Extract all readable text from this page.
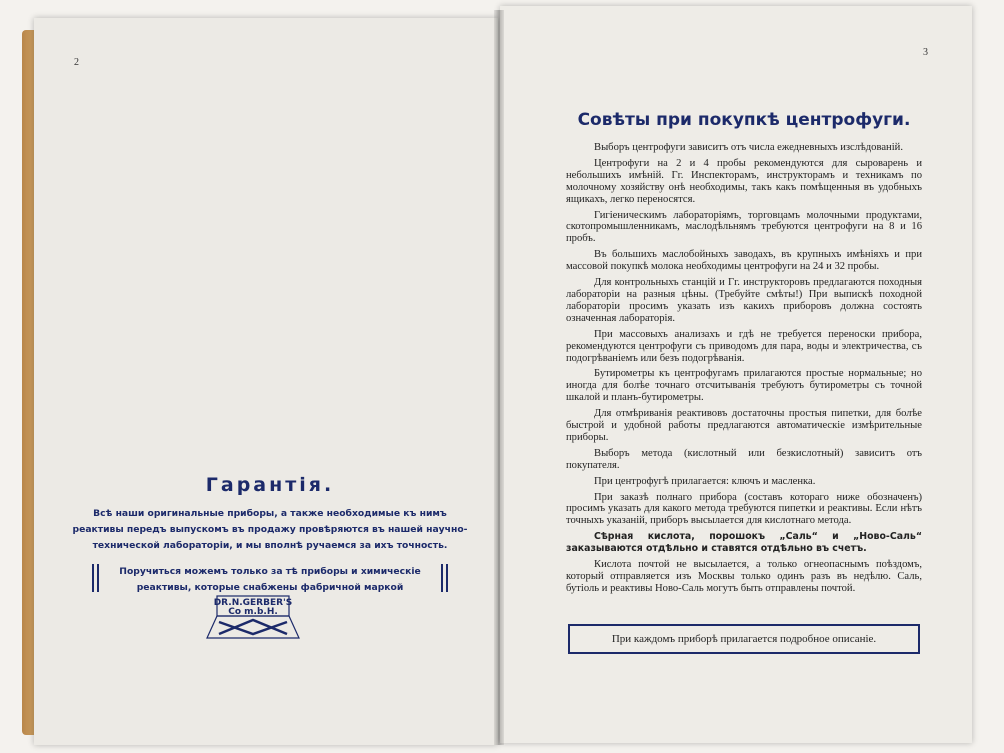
2
3
Гарантія.

Всѣ наши оригинальные приборы, а также необходимые къ нимъ реактивы передъ выпускомъ въ продажу провѣряются въ нашей научно-технической лабораторіи, и мы вполнѣ ручаемся за ихъ точность.

Поручиться можемъ только за тѣ приборы и химическіе реактивы, которые снабжены фабричной маркой

DR.N.GERBER'S
Co m.b.H.
Совѣты при покупкѣ центрофуги.

Выборъ центрофуги зависитъ отъ числа ежедневныхъ изслѣдованій.

Центрофуги на 2 и 4 пробы рекомендуются для сыроварень и небольшихъ имѣній. Гг. Инспекторамъ, инструкторамъ и техникамъ по молочному хозяйству онѣ необходимы, такъ какъ помѣщенныя въ удобныхъ ящикахъ, легко переносятся.

Гигіеническимъ лабораторіямъ, торговцамъ молочными продуктами, скотопромышленникамъ, маслодѣльнямъ требуются центрофуги на 8 и 16 пробъ.

Въ большихъ маслобойныхъ заводахъ, въ крупныхъ имѣніяхъ и при массовой покупкѣ молока необходимы центрофуги на 24 и 32 пробы.

Для контрольныхъ станцій и Гг. инструкторовъ предлагаются походныя лабораторіи на разныя цѣны. (Требуйте смѣты!) При выпискѣ походной лабораторіи просимъ указать изъ какихъ приборовъ должна состоять означенная лабораторія.

При массовыхъ анализахъ и гдѣ не требуется переноски прибора, рекомендуются центрофуги съ приводомъ для пара, воды и электричества, съ подогрѣваніемъ или безъ подогрѣванія.

Бутирометры къ центрофугамъ прилагаются простые нормальные; но иногда для болѣе точнаго отсчитыванія требуютъ бутирометры съ точной шкалой и планъ-бутирометры.

Для отмѣриванія реактивовъ достаточны простыя пипетки, для болѣе быстрой и удобной работы предлагаются автоматическіе измѣрительные приборы.

Выборъ метода (кислотный или безкислотный) зависитъ отъ покупателя.

При центрофугѣ прилагается: ключъ и масленка.

При заказѣ полнаго прибора (составъ котораго ниже обозначенъ) просимъ указать для какого метода требуются пипетки и реактивы. Если нѣтъ точныхъ указаній, приборъ высылается для кислотнаго метода.

Сѣрная кислота, порошокъ „Саль“ и „Ново-Саль“ заказываются отдѣльно и ставятся отдѣльно въ счетъ.

Кислота почтой не высылается, а только огнеопаснымъ поѣздомъ, который отправляется изъ Москвы только одинъ разъ въ недѣлю. Саль, бутіоль и реактивы Ново-Саль могутъ быть отправлены почтой.

При каждомъ приборѣ прилагается подробное описаніе.
